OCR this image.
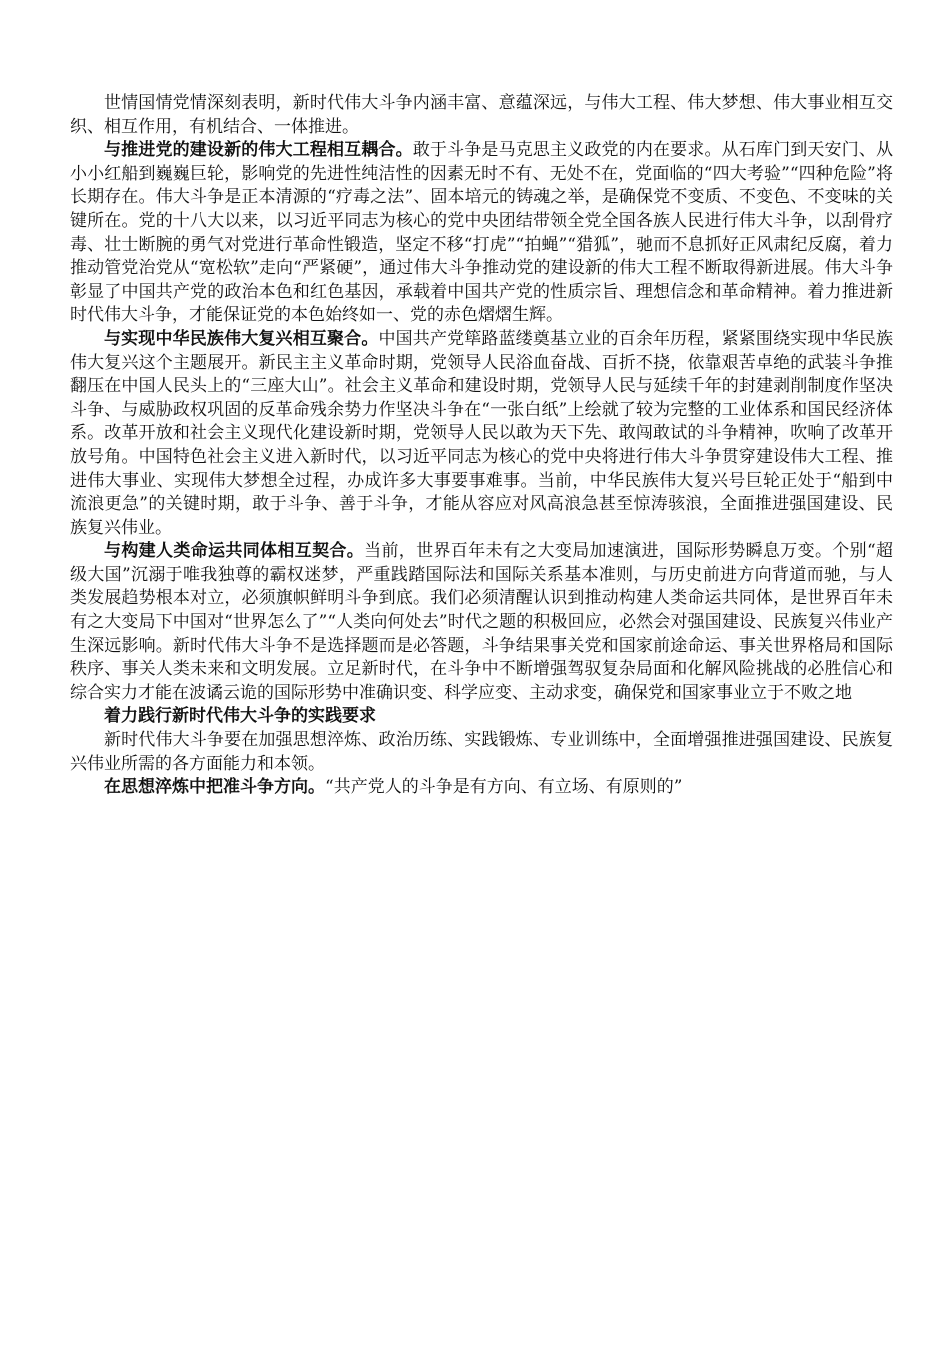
世情国情党情深刻表明，新时代伟大斗争内涵丰富、意蕴深远，与伟大工程、伟大梦想、伟大事业相互交织、相互作用，有机结合、一体推进。

与推进党的建设新的伟大工程相互耦合。敢于斗争是马克思主义政党的内在要求。从石库门到天安门、从小小红船到巍巍巨轮，影响党的先进性纯洁性的因素无时不有、无处不在，党面临的“四大考验”“四种危险”将长期存在。伟大斗争是正本清源的“疗毒之法”、固本培元的铸魂之举，是确保党不变质、不变色、不变味的关键所在。党的十八大以来，以习近平同志为核心的党中央团结带领全党全国各族人民进行伟大斗争，以刮骨疗毒、壮士断腕的勇气对党进行革命性锻造，坚定不移“打虎”“拍蝇”“猎狐”，驰而不息抓好正风肃纪反腐，着力推动管党治党从“宽松软”走向“严紧硬”，通过伟大斗争推动党的建设新的伟大工程不断取得新进展。伟大斗争彰显了中国共产党的政治本色和红色基因，承载着中国共产党的性质宗旨、理想信念和革命精神。着力推进新时代伟大斗争，才能保证党的本色始终如一、党的赤色熠熠生辉。

与实现中华民族伟大复兴相互聚合。中国共产党筚路蓝缕奠基立业的百余年历程，紧紧围绕实现中华民族伟大复兴这个主题展开。新民主主义革命时期，党领导人民浴血奋战、百折不挠，依靠艰苦卓绝的武装斗争推翻压在中国人民头上的“三座大山”。社会主义革命和建设时期，党领导人民与延续千年的封建剥削制度作坚决斗争、与威胁政权巩固的反革命残余势力作坚决斗争在“一张白纸”上绘就了较为完整的工业体系和国民经济体系。改革开放和社会主义现代化建设新时期，党领导人民以敢为天下先、敢闯敢试的斗争精神，吹响了改革开放号角。中国特色社会主义进入新时代，以习近平同志为核心的党中央将进行伟大斗争贯穿建设伟大工程、推进伟大事业、实现伟大梦想全过程，办成许多大事要事难事。当前，中华民族伟大复兴号巨轮正处于“船到中流浪更急”的关键时期，敢于斗争、善于斗争，才能从容应对风高浪急甚至惊涛骇浪，全面推进强国建设、民族复兴伟业。

与构建人类命运共同体相互契合。当前，世界百年未有之大变局加速演进，国际形势瞬息万变。个别“超级大国”沉溺于唯我独尊的霸权迷梦，严重践踏国际法和国际关系基本准则，与历史前进方向背道而驰，与人类发展趋势根本对立，必须旗帜鲜明斗争到底。我们必须清醒认识到推动构建人类命运共同体，是世界百年未有之大变局下中国对“世界怎么了”“人类向何处去”时代之题的积极回应，必然会对强国建设、民族复兴伟业产生深远影响。新时代伟大斗争不是选择题而是必答题，斗争结果事关党和国家前途命运、事关世界格局和国际秩序、事关人类未来和文明发展。立足新时代，在斗争中不断增强驾驭复杂局面和化解风险挑战的必胜信心和综合实力才能在波谲云诡的国际形势中准确识变、科学应变、主动求变，确保党和国家事业立于不败之地

着力践行新时代伟大斗争的实践要求

新时代伟大斗争要在加强思想淬炼、政治历练、实践锻炼、专业训练中，全面增强推进强国建设、民族复兴伟业所需的各方面能力和本领。

在思想淬炼中把准斗争方向。“共产党人的斗争是有方向、有立场、有原则的”
